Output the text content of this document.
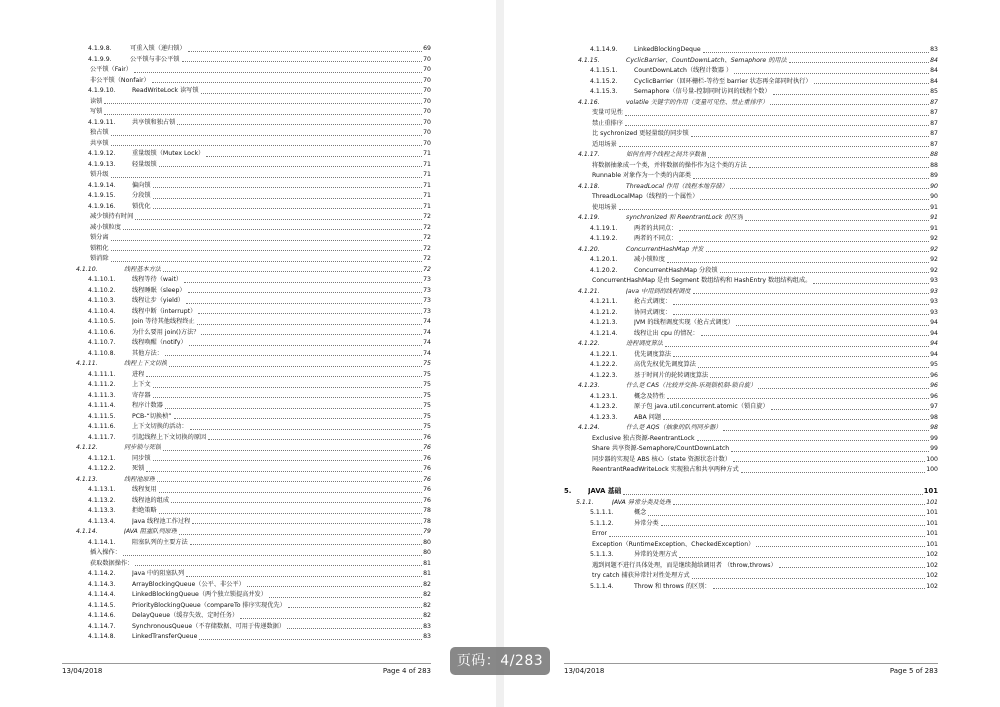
4.1.9.8.	可重入锁（递归锁）	69
4.1.9.9.	公平锁与非公平锁	70
公平锁（Fair）	70
非公平锁（Nonfair）	70
4.1.9.10.	ReadWriteLock 读写锁	70
读锁	70
写锁	70
4.1.9.11.	共享锁和独占锁	70
独占锁	70
共享锁	70
4.1.9.12.	重量级锁（Mutex Lock）	71
4.1.9.13.	轻量级锁	71
锁升级	71
4.1.9.14.	偏向锁	71
4.1.9.15.	分段锁	71
4.1.9.16.	锁优化	71
减少锁持有时间	72
减小锁粒度	72
锁分离	72
锁粗化	72
锁消除	72
4.1.10.	线程基本方法	72
4.1.10.1.	线程等待（wait）	73
4.1.10.2.	线程睡眠（sleep）	73
4.1.10.3.	线程让步（yield）	73
4.1.10.4.	线程中断（interrupt）	73
4.1.10.5.	Join 等待其他线程终止	74
4.1.10.6.	为什么要用 join()方法？	74
4.1.10.7.	线程唤醒（notify）	74
4.1.10.8.	其他方法：	74
4.1.11.	线程上下文切换	75
4.1.11.1.	进程	75
4.1.11.2.	上下文	75
4.1.11.3.	寄存器	75
4.1.11.4.	程序计数器	75
4.1.11.5.	PCB-“切换桢”	75
4.1.11.6.	上下文切换的活动：	75
4.1.11.7.	引起线程上下文切换的原因	76
4.1.12.	同步锁与死锁	76
4.1.12.1.	同步锁	76
4.1.12.2.	死锁	76
4.1.13.	线程池原理	76
4.1.13.1.	线程复用	76
4.1.13.2.	线程池的组成	76
4.1.13.3.	拒绝策略	78
4.1.13.4.	Java 线程池工作过程	78
4.1.14.	JAVA 阻塞队列原理	79
4.1.14.1.	阻塞队列的主要方法	80
插入操作：	80
获取数据操作：	81
4.1.14.2.	Java 中的阻塞队列	81
4.1.14.3.	ArrayBlockingQueue（公平、非公平）	82
4.1.14.4.	LinkedBlockingQueue（两个独立锁提高并发）	82
4.1.14.5.	PriorityBlockingQueue（compareTo 排序实现优先）	82
4.1.14.6.	DelayQueue（缓存失效、定时任务）	82
4.1.14.7.	SynchronousQueue（不存储数据、可用于传递数据）	83
4.1.14.8.	LinkedTransferQueue	83
13/04/2018	Page 4 of 283
4.1.14.9.	LinkedBlockingDeque	83
4.1.15.	CyclicBarrier、CountDownLatch、Semaphore 的用法	84
4.1.15.1.	CountDownLatch（线程计数器 ）	84
4.1.15.2.	CyclicBarrier（回环栅栏-等待至 barrier 状态再全部同时执行）	84
4.1.15.3.	Semaphore（信号量-控制同时访问的线程个数）	85
4.1.16.	volatile 关键字的作用（变量可见性、禁止重排序）	87
变量可见性	87
禁止重排序	87
比 sychronized 更轻量级的同步锁	87
适用场景	87
4.1.17.	如何在两个线程之间共享数据	88
将数据抽象成一个类，并将数据的操作作为这个类的方法	88
Runnable 对象作为一个类的内部类	89
4.1.18.	ThreadLocal 作用（线程本地存储）	90
ThreadLocalMap（线程的一个属性）	90
使用场景	91
4.1.19.	synchronized 和 ReentrantLock 的区别	91
4.1.19.1.	两者的共同点：	91
4.1.19.2.	两者的不同点：	92
4.1.20.	ConcurrentHashMap 并发	92
4.1.20.1.	减小锁粒度	92
4.1.20.2.	ConcurrentHashMap 分段锁	92
ConcurrentHashMap 是由 Segment 数组结构和 HashEntry 数组结构组成。	93
4.1.21.	Java 中用到的线程调度	93
4.1.21.1.	抢占式调度：	93
4.1.21.2.	协同式调度：	93
4.1.21.3.	JVM 的线程调度实现（抢占式调度）	94
4.1.21.4.	线程让出 cpu 的情况：	94
4.1.22.	进程调度算法	94
4.1.22.1.	优先调度算法	94
4.1.22.2.	高优先权优先调度算法	95
4.1.22.3.	基于时间片的轮转调度算法	96
4.1.23.	什么是 CAS（比较并交换-乐观锁机制-锁自旋）	96
4.1.23.1.	概念及特性	96
4.1.23.2.	原子包 java.util.concurrent.atomic（锁自旋）	97
4.1.23.3.	ABA 问题	98
4.1.24.	什么是 AQS（抽象的队列同步器）	98
Exclusive 独占资源-ReentrantLock	99
Share 共享资源-Semaphore/CountDownLatch	99
同步器的实现是 ABS 核心（state 资源状态计数）	100
ReentrantReadWriteLock 实现独占和共享两种方式	100
5.	JAVA 基础	101
5.1.1.	JAVA 异常分类及处理	101
5.1.1.1.	概念	101
5.1.1.2.	异常分类	101
Error	101
Exception（RuntimeException、CheckedException）	101
5.1.1.3.	异常的处理方式	102
遇到问题不进行具体处理，而是继续抛给调用者 （throw,throws）	102
try catch 捕获异常针对性处理方式	102
5.1.1.4.	Throw 和 throws 的区别：	102
13/04/2018	Page 5 of 283
页码：4/283
